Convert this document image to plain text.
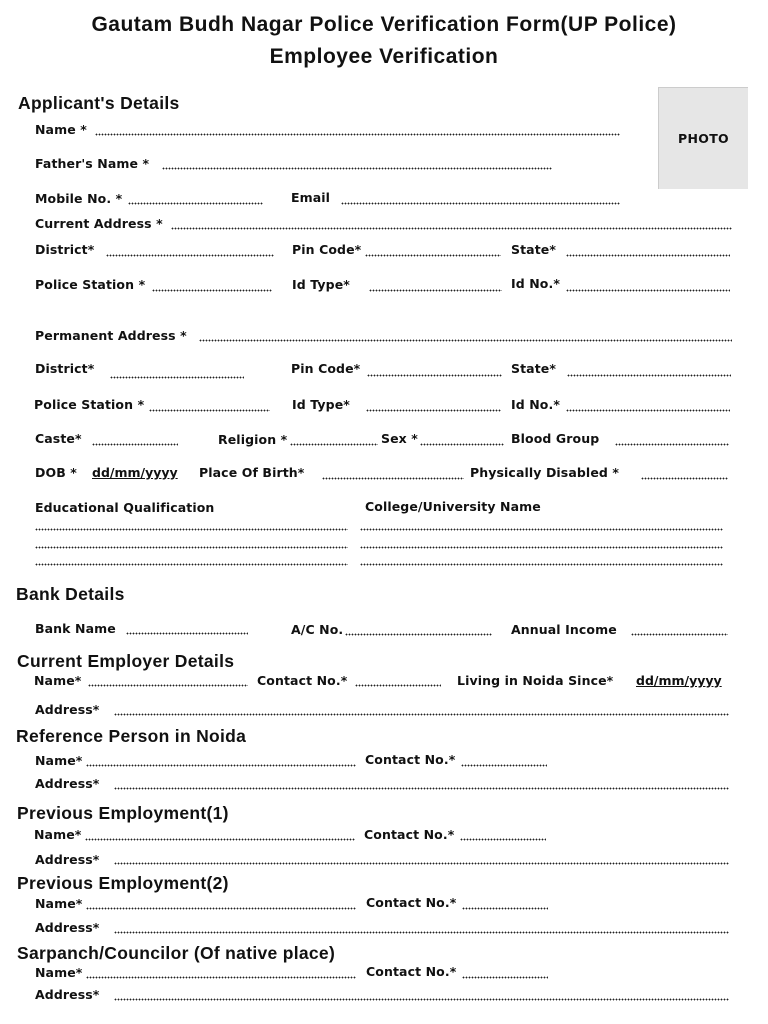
Gautam Budh Nagar Police Verification Form(UP Police)
Employee Verification
PHOTO
Applicant's Details
Name *
Father's Name *
Mobile No. *	Email
Current Address *
District*	Pin Code*	State*
Police Station *	Id Type*	Id No.*
Permanent Address *
District*	Pin Code*	State*
Police Station *	Id Type*	Id No.*
Caste*	Religion *	Sex *	Blood Group
DOB * dd/mm/yyyy Place Of Birth*	Physically Disabled *
Educational Qualification	College/University Name
Bank Details
Bank Name	A/C No.	Annual Income
Current Employer Details
Name*	Contact No.*	Living in Noida Since* dd/mm/yyyy
Address*
Reference Person in Noida
Name*	Contact No.*
Address*
Previous Employment(1)
Name*	Contact No.*
Address*
Previous Employment(2)
Name*	Contact No.*
Address*
Sarpanch/Councilor (Of native place)
Name*	Contact No.*
Address*
